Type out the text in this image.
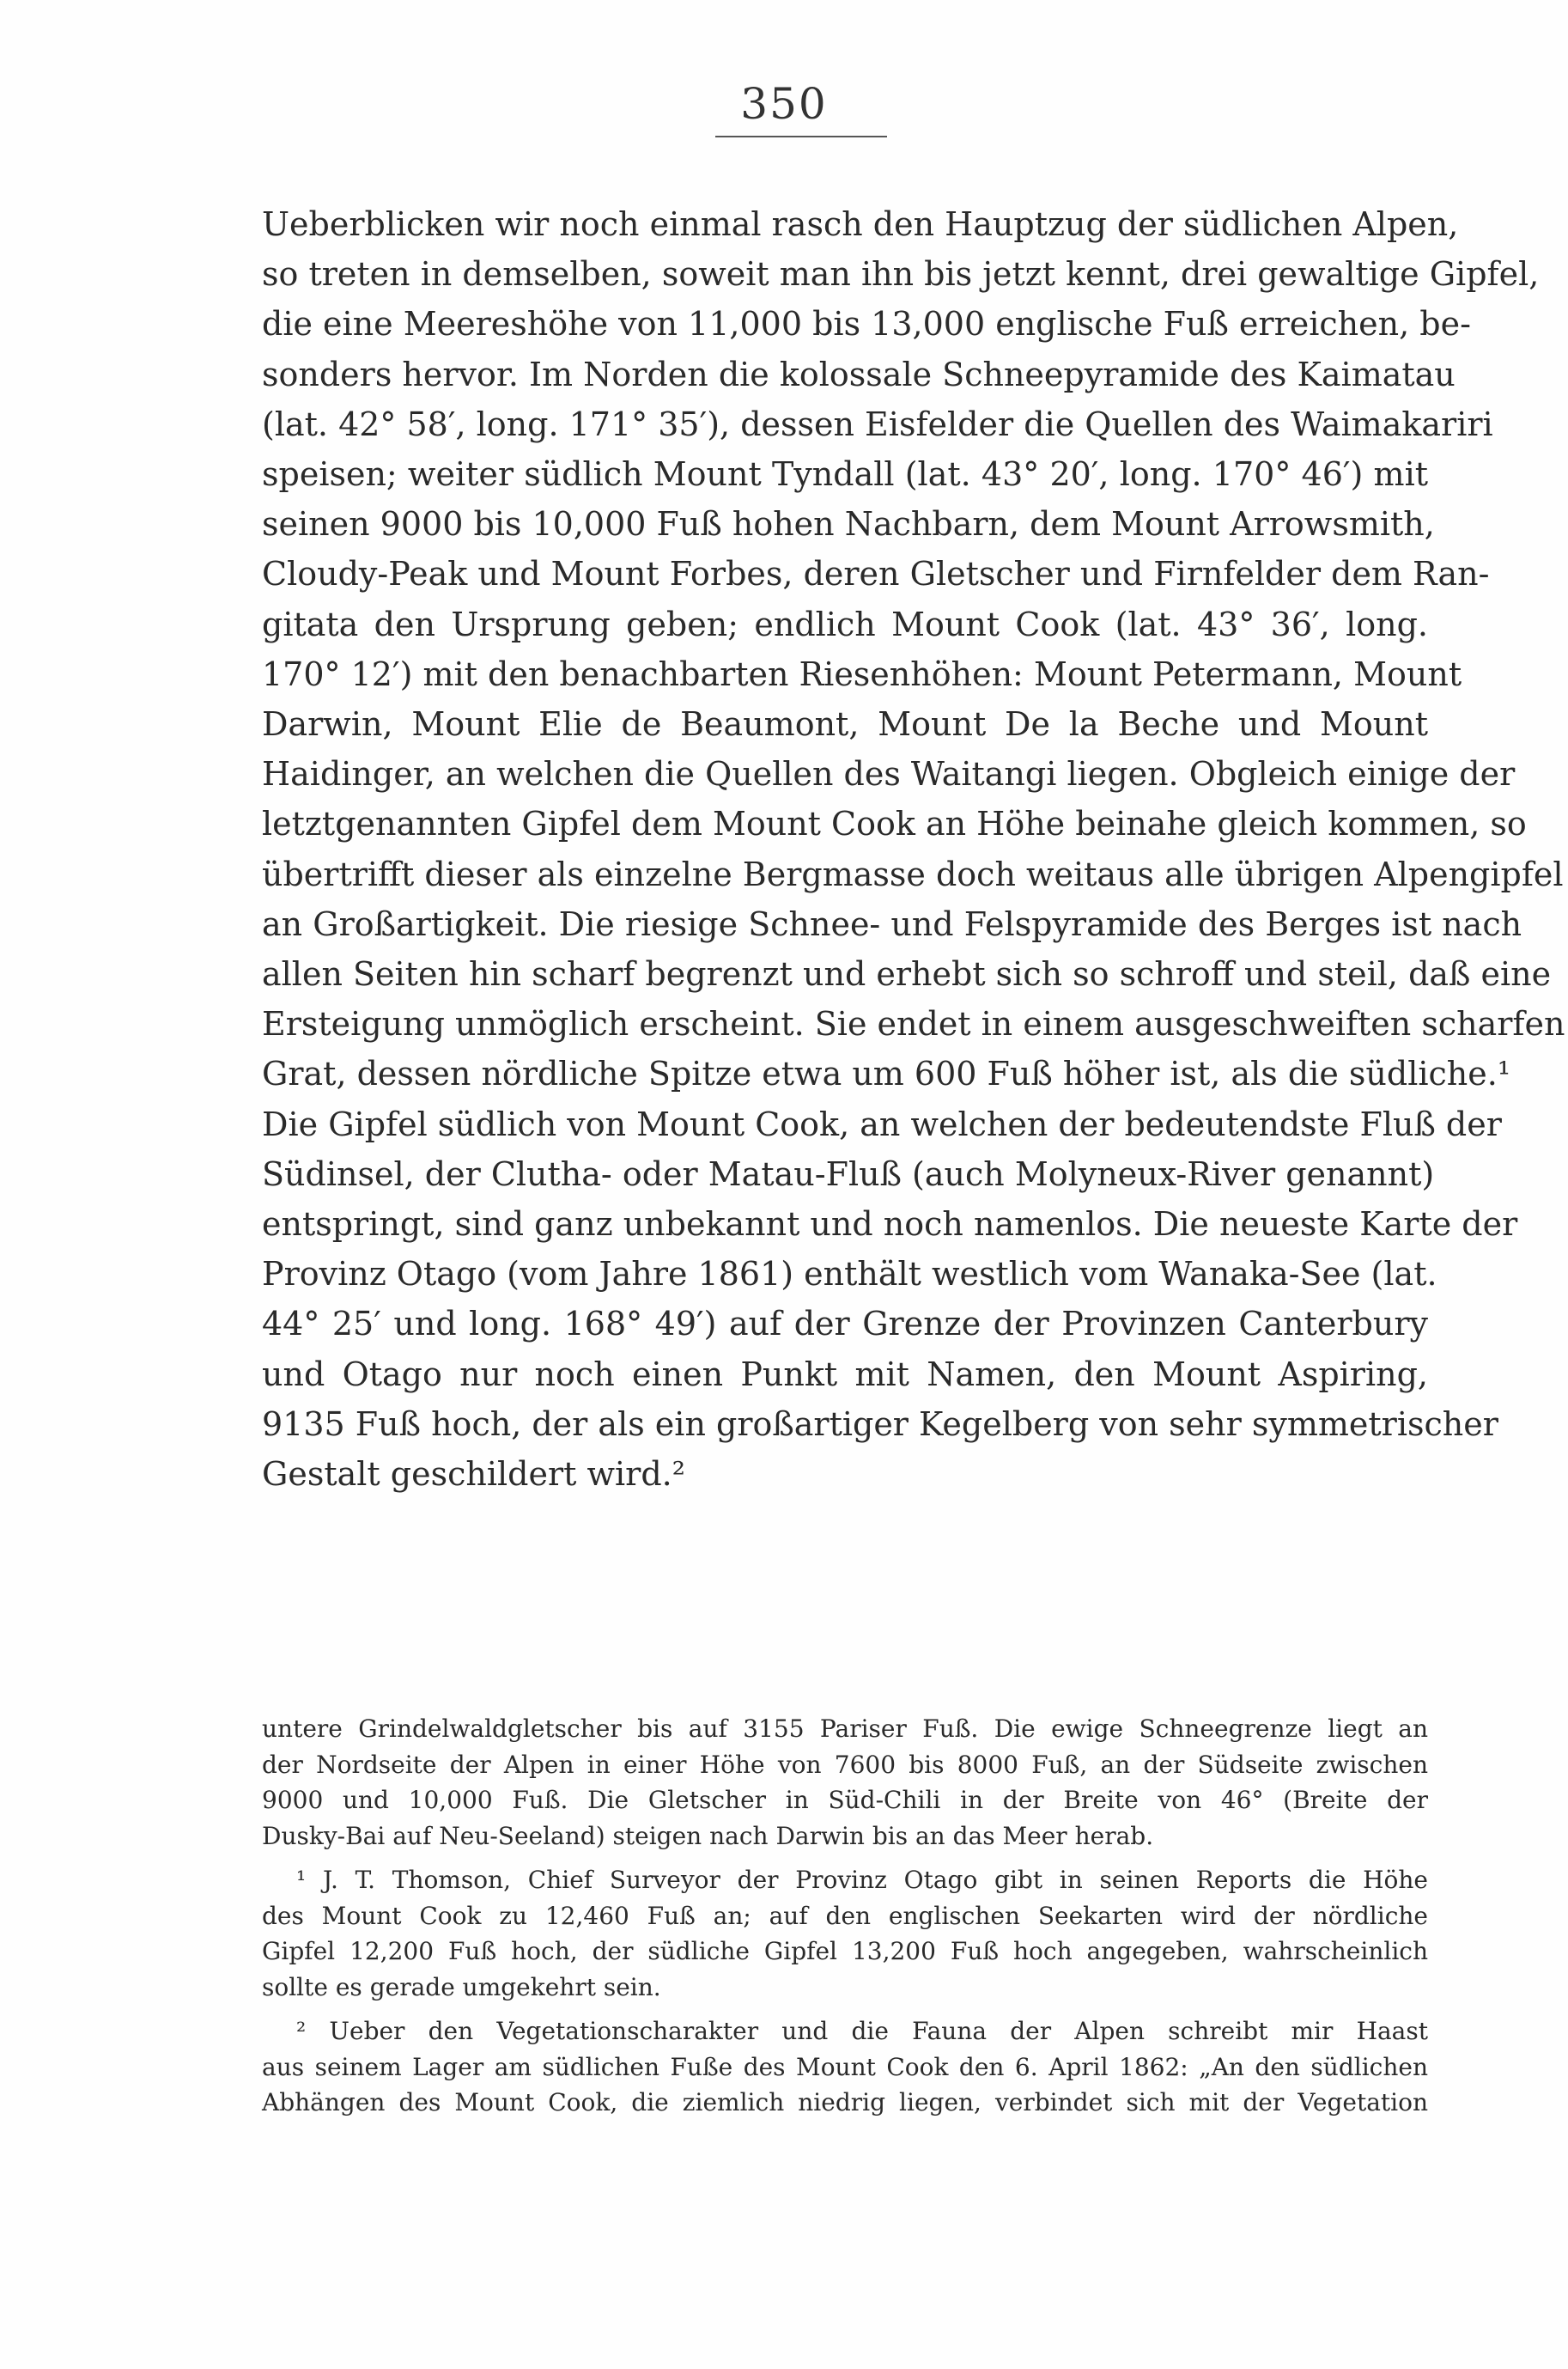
350
Ueberblicken wir noch einmal rasch den Hauptzug der südlichen Alpen,
so treten in demselben, soweit man ihn bis jetzt kennt, drei gewaltige Gipfel,
die eine Meereshöhe von 11,000 bis 13,000 englische Fuß erreichen, be-
sonders hervor. Im Norden die kolossale Schneepyramide des Kaimatau
(lat. 42° 58′, long. 171° 35′), dessen Eisfelder die Quellen des Waimakariri
speisen; weiter südlich Mount Tyndall (lat. 43° 20′, long. 170° 46′) mit
seinen 9000 bis 10,000 Fuß hohen Nachbarn, dem Mount Arrowsmith,
Cloudy-Peak und Mount Forbes, deren Gletscher und Firnfelder dem Ran-
gitata den Ursprung geben; endlich Mount Cook (lat. 43° 36′, long.
170° 12′) mit den benachbarten Riesenhöhen: Mount Petermann, Mount
Darwin, Mount Elie de Beaumont, Mount De la Beche und Mount
Haidinger, an welchen die Quellen des Waitangi liegen. Obgleich einige der
letztgenannten Gipfel dem Mount Cook an Höhe beinahe gleich kommen, so
übertrifft dieser als einzelne Bergmasse doch weitaus alle übrigen Alpengipfel
an Großartigkeit. Die riesige Schnee- und Felspyramide des Berges ist nach
allen Seiten hin scharf begrenzt und erhebt sich so schroff und steil, daß eine
Ersteigung unmöglich erscheint. Sie endet in einem ausgeschweiften scharfen
Grat, dessen nördliche Spitze etwa um 600 Fuß höher ist, als die südliche.¹
Die Gipfel südlich von Mount Cook, an welchen der bedeutendste Fluß der
Südinsel, der Clutha- oder Matau-Fluß (auch Molyneux-River genannt)
entspringt, sind ganz unbekannt und noch namenlos. Die neueste Karte der
Provinz Otago (vom Jahre 1861) enthält westlich vom Wanaka-See (lat.
44° 25′ und long. 168° 49′) auf der Grenze der Provinzen Canterbury
und Otago nur noch einen Punkt mit Namen, den Mount Aspiring,
9135 Fuß hoch, der als ein großartiger Kegelberg von sehr symmetrischer
Gestalt geschildert wird.²
untere Grindelwaldgletscher bis auf 3155 Pariser Fuß. Die ewige Schneegrenze liegt an
der Nordseite der Alpen in einer Höhe von 7600 bis 8000 Fuß, an der Südseite zwischen
9000 und 10,000 Fuß. Die Gletscher in Süd-Chili in der Breite von 46° (Breite der
Dusky-Bai auf Neu-Seeland) steigen nach Darwin bis an das Meer herab.
¹ J. T. Thomson, Chief Surveyor der Provinz Otago gibt in seinen Reports die Höhe
des Mount Cook zu 12,460 Fuß an; auf den englischen Seekarten wird der nördliche
Gipfel 12,200 Fuß hoch, der südliche Gipfel 13,200 Fuß hoch angegeben, wahrscheinlich
sollte es gerade umgekehrt sein.
² Ueber den Vegetationscharakter und die Fauna der Alpen schreibt mir Haast
aus seinem Lager am südlichen Fuße des Mount Cook den 6. April 1862: „An den südlichen
Abhängen des Mount Cook, die ziemlich niedrig liegen, verbindet sich mit der Vegetation
